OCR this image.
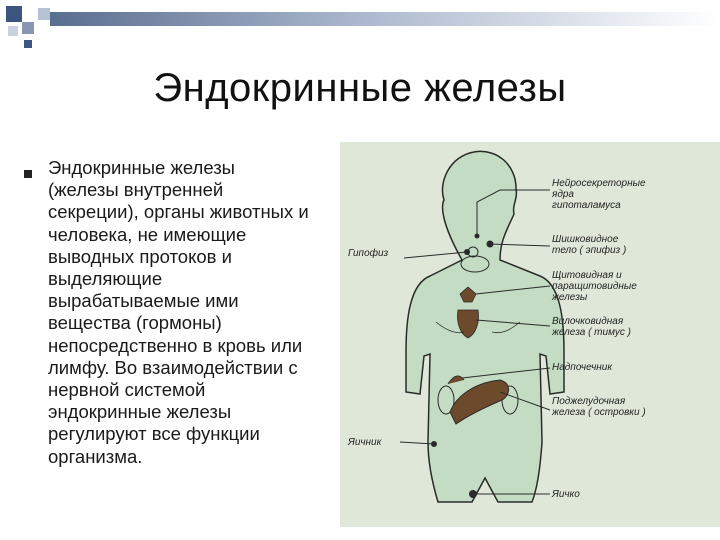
Эндокринные железы
Эндокринные железы
(железы внутренней
секреции), органы животных и
человека, не имеющие
выводных протоков и
выделяющие
вырабатываемые ими
вещества (гормоны)
непосредственно в кровь или
лимфу. Во взаимодействии с
нервной системой
эндокринные железы
регулируют все функции
организма.
Нейросекреторные
ядра
гипоталамуса
Гипофиз
Шишковидное
тело ( эпифиз )
Щитовидная и
паращитовидные
железы
Вилочковидная
железа ( тимус )
Надпочечник
Поджелудочная
железа ( островки )
Яичник
Яичко
